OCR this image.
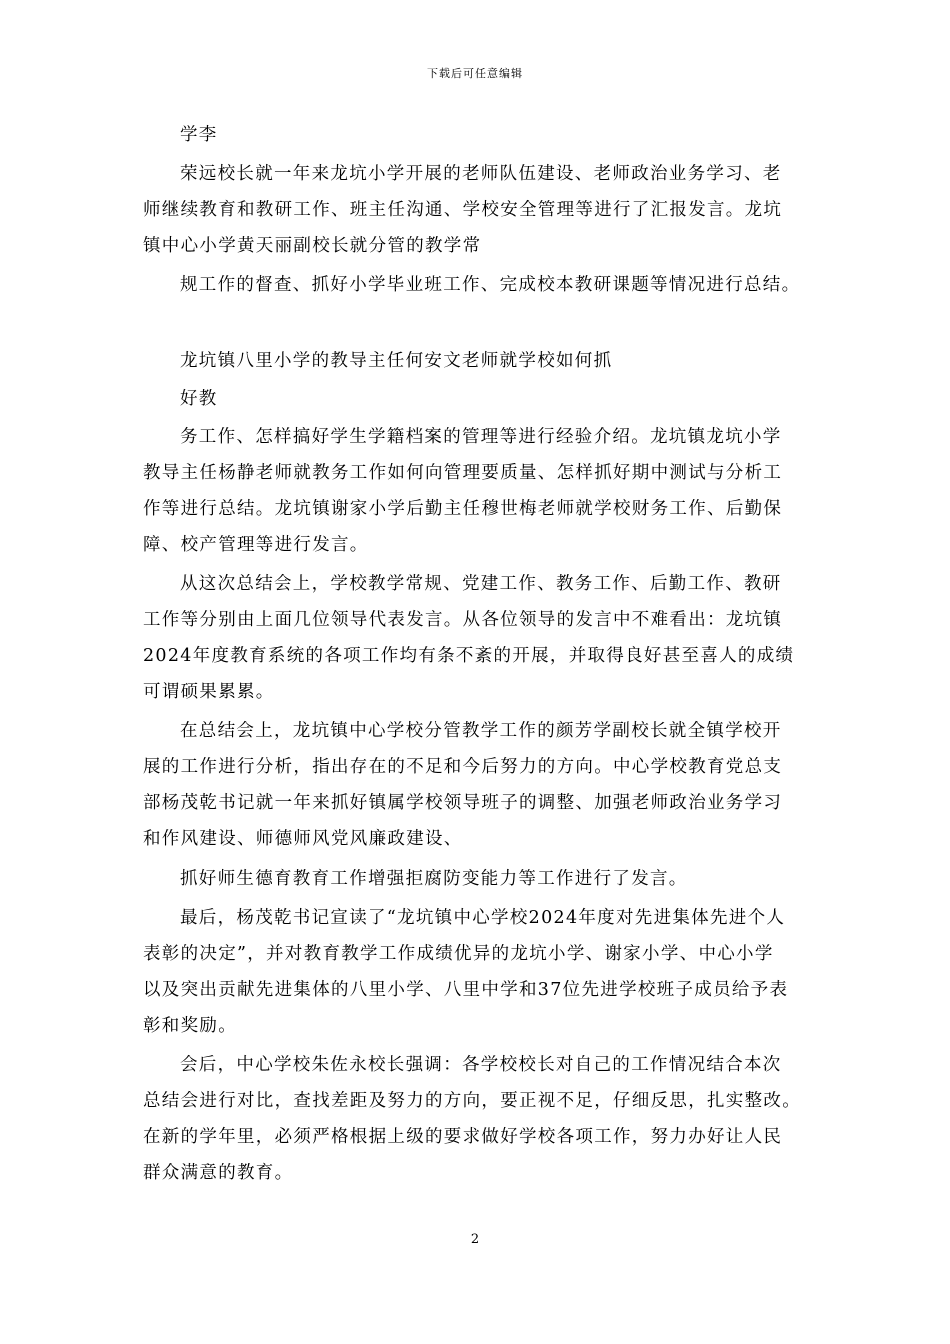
下载后可任意编辑
学李
荣远校长就一年来龙坑小学开展的老师队伍建设、老师政治业务学习、老
师继续教育和教研工作、班主任沟通、学校安全管理等进行了汇报发言。龙坑
镇中心小学黄天丽副校长就分管的教学常
规工作的督查、抓好小学毕业班工作、完成校本教研课题等情况进行总结。
龙坑镇八里小学的教导主任何安文老师就学校如何抓
好教
务工作、怎样搞好学生学籍档案的管理等进行经验介绍。龙坑镇龙坑小学
教导主任杨静老师就教务工作如何向管理要质量、怎样抓好期中测试与分析工
作等进行总结。龙坑镇谢家小学后勤主任穆世梅老师就学校财务工作、后勤保
障、校产管理等进行发言。
从这次总结会上，学校教学常规、党建工作、教务工作、后勤工作、教研
工作等分别由上面几位领导代表发言。从各位领导的发言中不难看出：龙坑镇
2024年度教育系统的各项工作均有条不紊的开展，并取得良好甚至喜人的成绩
可谓硕果累累。
在总结会上，龙坑镇中心学校分管教学工作的颜芳学副校长就全镇学校开
展的工作进行分析，指出存在的不足和今后努力的方向。中心学校教育党总支
部杨茂乾书记就一年来抓好镇属学校领导班子的调整、加强老师政治业务学习
和作风建设、师德师风党风廉政建设、
抓好师生德育教育工作增强拒腐防变能力等工作进行了发言。
最后，杨茂乾书记宣读了“龙坑镇中心学校2024年度对先进集体先进个人
表彰的决定”，并对教育教学工作成绩优异的龙坑小学、谢家小学、中心小学
以及突出贡献先进集体的八里小学、八里中学和37位先进学校班子成员给予表
彰和奖励。
会后，中心学校朱佐永校长强调：各学校校长对自己的工作情况结合本次
总结会进行对比，查找差距及努力的方向，要正视不足，仔细反思，扎实整改。
在新的学年里，必须严格根据上级的要求做好学校各项工作，努力办好让人民
群众满意的教育。
2
